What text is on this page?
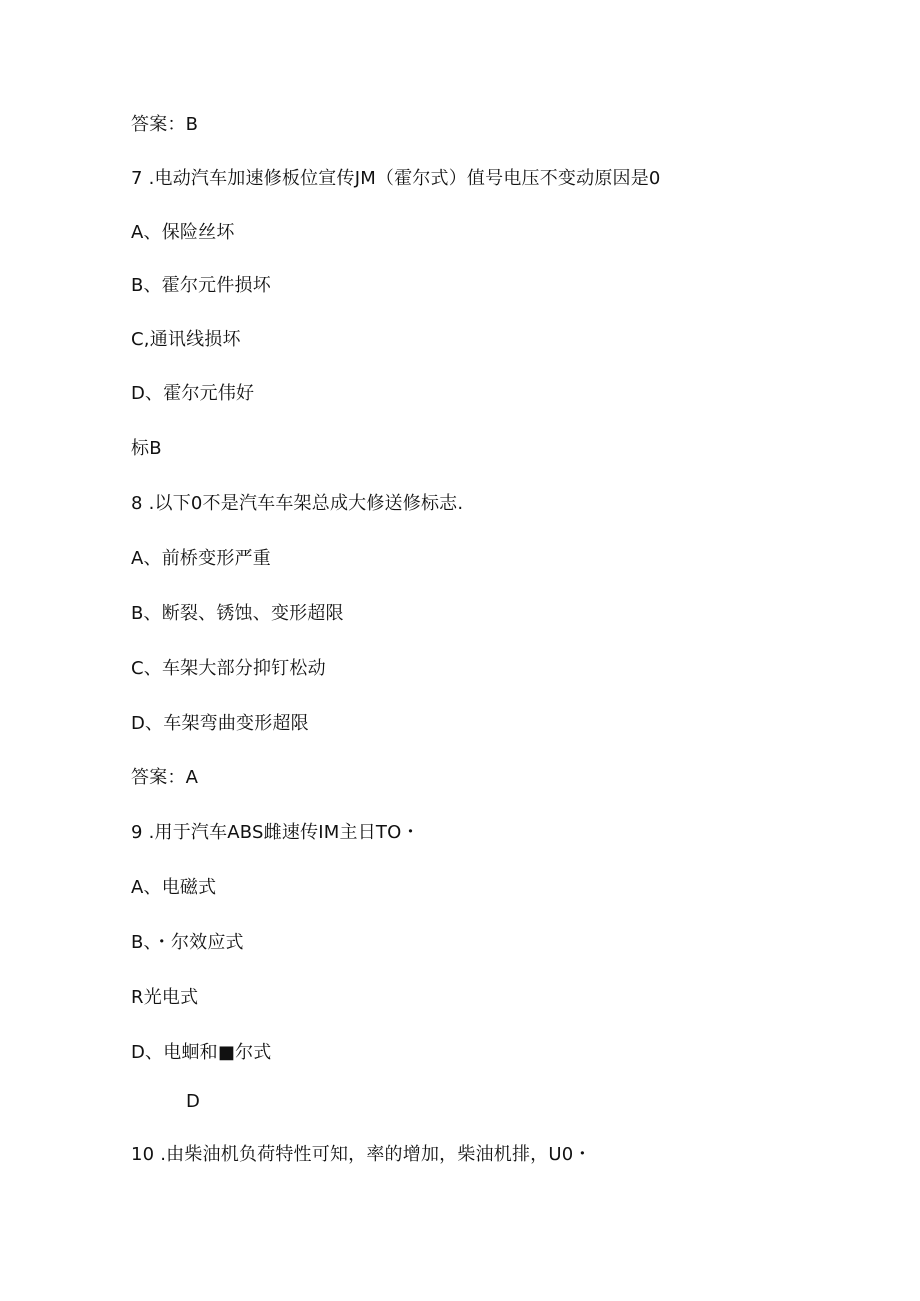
答案：B
7 .电动汽车加速修板位宣传JM（霍尔式）值号电压不变动原因是0
A、保险丝坏
B、霍尔元件损坏
C,通讯线损坏
D、霍尔元伟好
标B
8 .以下0不是汽车车架总成大修送修标志.
A、前桥变形严重
B、断裂、锈蚀、变形超限
C、车架大部分抑钉松动
D、车架弯曲变形超限
答案：A
9 .用于汽车ABS雌速传IM主日TO・
A、电磁式
B、・尔效应式
R光电式
D、电蛔和■尔式
D
10 .由柴油机负荷特性可知，率的增加，柴油机排，U0・
